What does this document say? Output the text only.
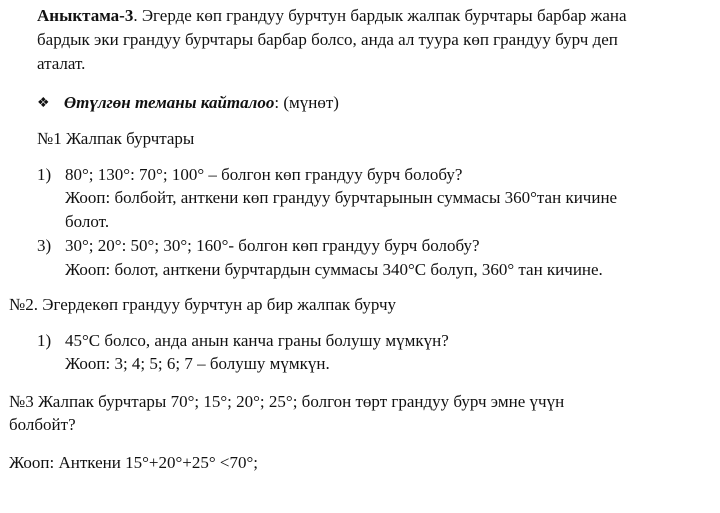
Аныктама-3. Эгерде көп грандуу бурчтун бардык жалпак бурчтары барбар жана
бардык эки грандуу бурчтары барбар болсо, анда ал туура көп грандуу бурч деп
аталат.
❖ Өтүлгөн теманы кайталоо: (мүнөт)
№1 Жалпак бурчтары
1) 80°; 130°: 70°; 100° – болгон көп грандуу бурч болобу?
Жооп: болбойт, анткени көп грандуу бурчтарынын суммасы 360°тан кичине
болот.
3) 30°; 20°: 50°; 30°; 160°- болгон көп грандуу бурч болобу?
Жооп: болот, анткени бурчтардын суммасы 340°С болуп, 360° тан кичине.
№2. Эгердекөп грандуу бурчтун ар бир жалпак бурчу
1) 45°С болсо, анда анын канча граны болушу мүмкүн?
Жооп: 3; 4; 5; 6; 7 – болушу мүмкүн.
№3 Жалпак бурчтары 70°; 15°; 20°; 25°; болгон төрт грандуу бурч эмне үчүн
болбойт?
Жооп: Анткени 15°+20°+25° <70°;
